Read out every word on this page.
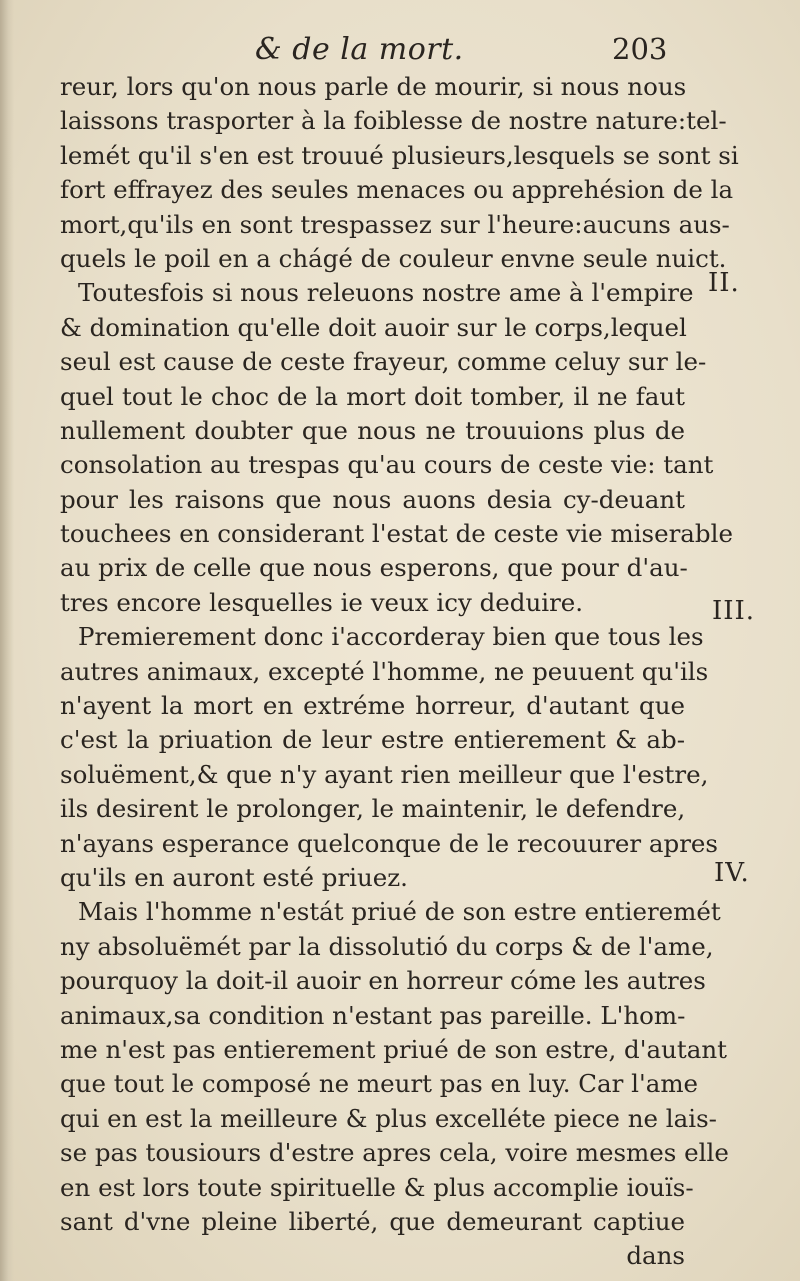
& de la mort.	203
II.
III.
IV.
reur, lors qu'on nous parle de mourir, si nous nous
laissons trasporter à la foiblesse de nostre nature:tel-
lemét qu'il s'en est trouué plusieurs,lesquels se sont si
fort effrayez des seules menaces ou apprehésion de la
mort,qu'ils en sont trespassez sur l'heure:aucuns aus-
quels le poil en a chágé de couleur envne seule nuict.
Toutesfois si nous releuons nostre ame à l'empire
& domination qu'elle doit auoir sur le corps,lequel
seul est cause de ceste frayeur, comme celuy sur le-
quel tout le choc de la mort doit tomber, il ne faut
nullement doubter que nous ne trouuions plus de
consolation au trespas qu'au cours de ceste vie: tant
pour les raisons que nous auons desia cy-deuant
touchees en considerant l'estat de ceste vie miserable
au prix de celle que nous esperons, que pour d'au-
tres encore lesquelles ie veux icy deduire.
Premierement donc i'accorderay bien que tous les
autres animaux, excepté l'homme, ne peuuent qu'ils
n'ayent la mort en extréme horreur, d'autant que
c'est la priuation de leur estre entierement & ab-
soluëment,& que n'y ayant rien meilleur que l'estre,
ils desirent le prolonger, le maintenir, le defendre,
n'ayans esperance quelconque de le recouurer apres
qu'ils en auront esté priuez.
Mais l'homme n'estát priué de son estre entieremét
ny absoluëmét par la dissolutió du corps & de l'ame,
pourquoy la doit-il auoir en horreur cóme les autres
animaux,sa condition n'estant pas pareille. L'hom-
me n'est pas entierement priué de son estre, d'autant
que tout le composé ne meurt pas en luy. Car l'ame
qui en est la meilleure & plus excelléte piece ne lais-
se pas tousiours d'estre apres cela, voire mesmes elle
en est lors toute spirituelle & plus accomplie iouïs-
sant d'vne pleine liberté, que demeurant captiue
dans
